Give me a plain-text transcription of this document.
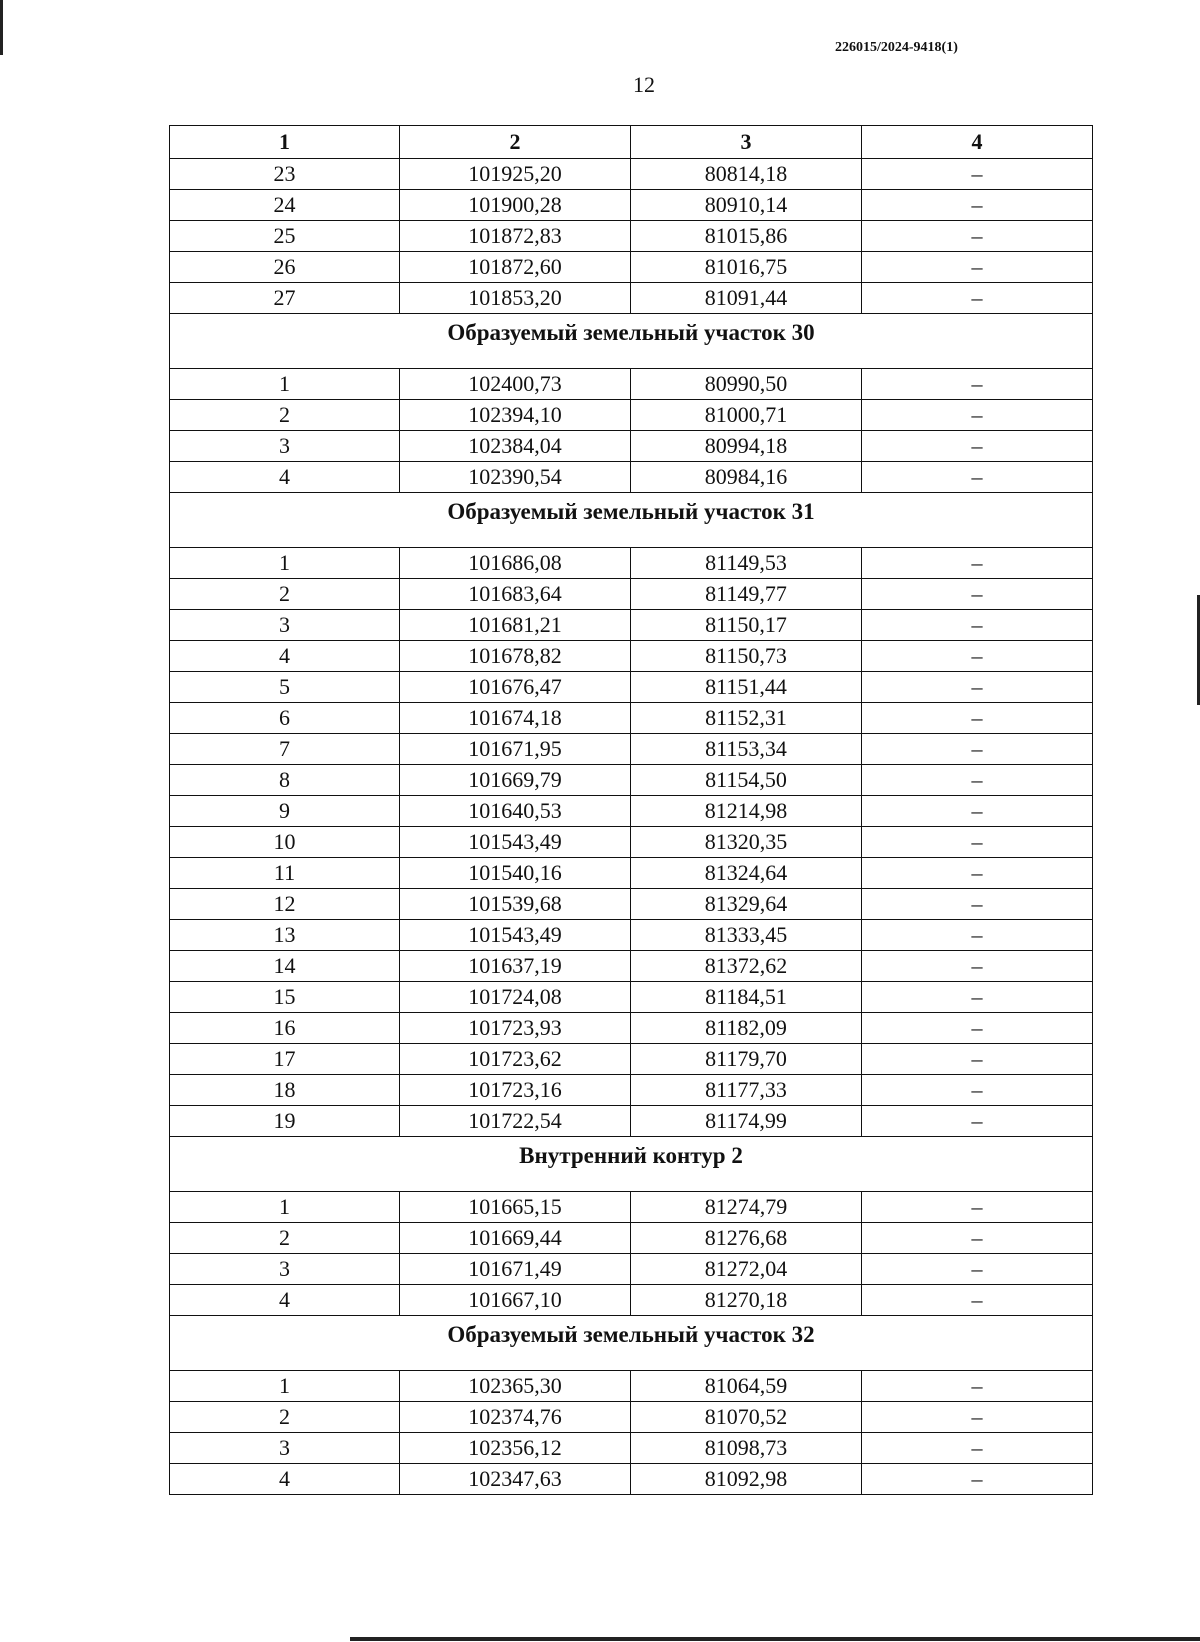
226015/2024-9418(1)
12
1	2	3	4
23	101925,20	80814,18	–
24	101900,28	80910,14	–
25	101872,83	81015,86	–
26	101872,60	81016,75	–
27	101853,20	81091,44	–
Образуемый земельный участок 30			
1	102400,73	80990,50	–
2	102394,10	81000,71	–
3	102384,04	80994,18	–
4	102390,54	80984,16	–
Образуемый земельный участок 31			
1	101686,08	81149,53	–
2	101683,64	81149,77	–
3	101681,21	81150,17	–
4	101678,82	81150,73	–
5	101676,47	81151,44	–
6	101674,18	81152,31	–
7	101671,95	81153,34	–
8	101669,79	81154,50	–
9	101640,53	81214,98	–
10	101543,49	81320,35	–
11	101540,16	81324,64	–
12	101539,68	81329,64	–
13	101543,49	81333,45	–
14	101637,19	81372,62	–
15	101724,08	81184,51	–
16	101723,93	81182,09	–
17	101723,62	81179,70	–
18	101723,16	81177,33	–
19	101722,54	81174,99	–
Внутренний контур 2			
1	101665,15	81274,79	–
2	101669,44	81276,68	–
3	101671,49	81272,04	–
4	101667,10	81270,18	–
Образуемый земельный участок 32			
1	102365,30	81064,59	–
2	102374,76	81070,52	–
3	102356,12	81098,73	–
4	102347,63	81092,98	–
